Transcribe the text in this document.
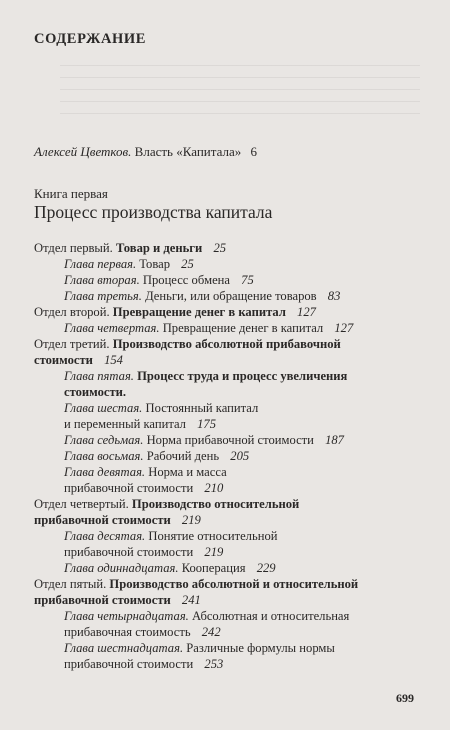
СОДЕРЖАНИЕ
Алексей Цветков. Власть «Капитала» 6
Книга первая
Процесс производства капитала
Отдел первый. Товар и деньги 25
Глава первая. Товар 25
Глава вторая. Процесс обмена 75
Глава третья. Деньги, или обращение товаров 83
Отдел второй. Превращение денег в капитал 127
Глава четвертая. Превращение денег в капитал 127
Отдел третий. Производство абсолютной прибавочной
стоимости 154
Глава пятая. Процесс труда и процесс увеличения
стоимости.
Глава шестая. Постоянный капитал
и переменный капитал 175
Глава седьмая. Норма прибавочной стоимости 187
Глава восьмая. Рабочий день 205
Глава девятая. Норма и масса
прибавочной стоимости 210
Отдел четвертый. Производство относительной
прибавочной стоимости 219
Глава десятая. Понятие относительной
прибавочной стоимости 219
Глава одиннадцатая. Кооперация 229
Отдел пятый. Производство абсолютной и относительной
прибавочной стоимости 241
Глава четырнадцатая. Абсолютная и относительная
прибавочная стоимость 242
Глава шестнадцатая. Различные формулы нормы
прибавочной стоимости 253
699
